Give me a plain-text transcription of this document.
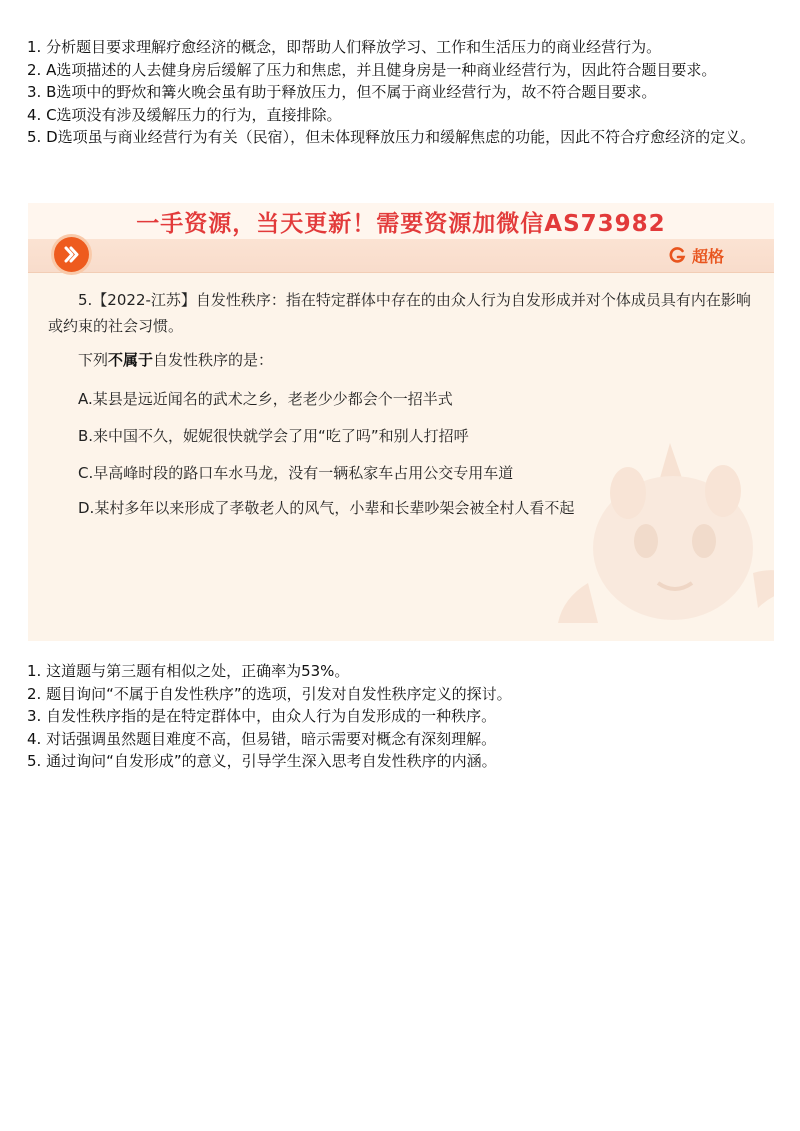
1. 分析题目要求理解疗愈经济的概念，即帮助人们释放学习、工作和生活压力的商业经营行为。

2. A选项描述的人去健身房后缓解了压力和焦虑，并且健身房是一种商业经营行为，因此符合题目要求。

3. B选项中的野炊和篝火晚会虽有助于释放压力，但不属于商业经营行为，故不符合题目要求。

4. C选项没有涉及缓解压力的行为，直接排除。

5. D选项虽与商业经营行为有关（民宿），但未体现释放压力和缓解焦虑的功能，因此不符合疗愈经济的定义。

一手资源，当天更新！需要资源加微信AS73982
超格
5.【2022-江苏】自发性秩序：指在特定群体中存在的由众人行为自发形成并对个体成员具有内在影响或约束的社会习惯。
下列不属于自发性秩序的是：
A.某县是远近闻名的武术之乡，老老少少都会个一招半式
B.来中国不久，妮妮很快就学会了用“吃了吗”和别人打招呼
C.早高峰时段的路口车水马龙，没有一辆私家车占用公交专用车道
D.某村多年以来形成了孝敬老人的风气，小辈和长辈吵架会被全村人看不起

1. 这道题与第三题有相似之处，正确率为53%。

2. 题目询问“不属于自发性秩序”的选项，引发对自发性秩序定义的探讨。

3. 自发性秩序指的是在特定群体中，由众人行为自发形成的一种秩序。

4. 对话强调虽然题目难度不高，但易错，暗示需要对概念有深刻理解。

5. 通过询问“自发形成”的意义，引导学生深入思考自发性秩序的内涵。
